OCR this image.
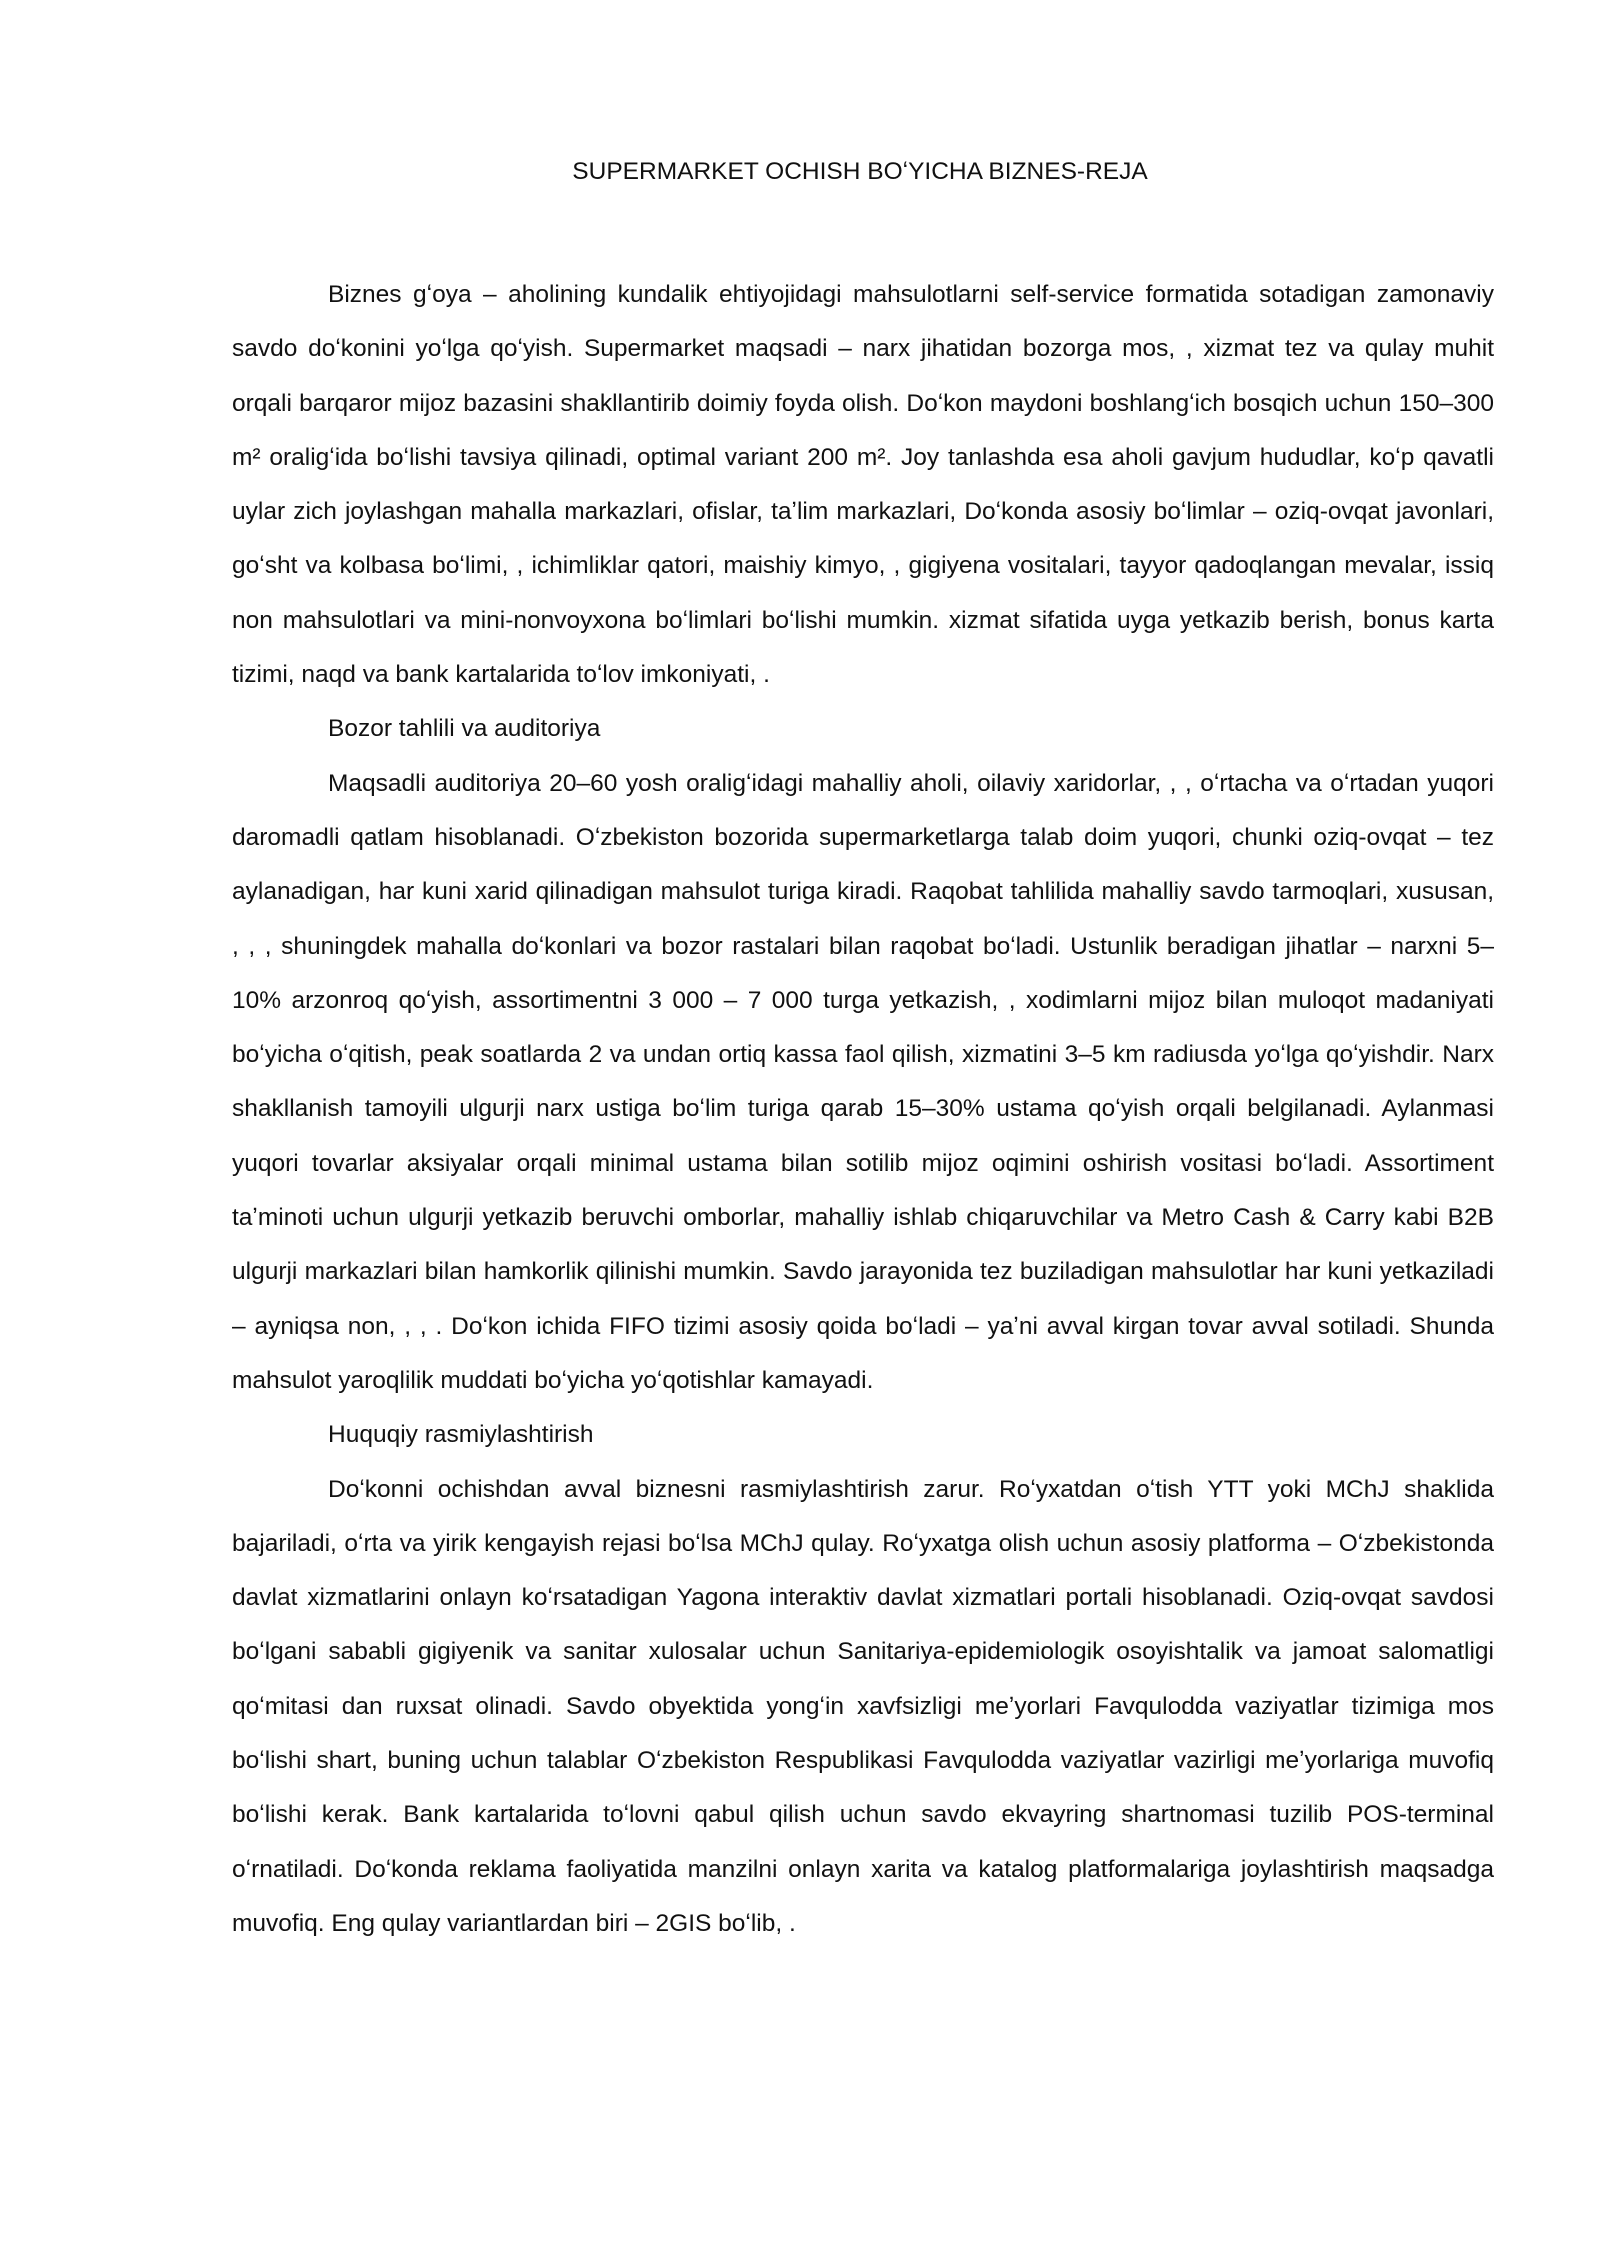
SUPERMARKET OCHISH BOʻYICHA BIZNES-REJA

Biznes gʻoya – aholining kundalik ehtiyojidagi mahsulotlarni self-service formatida sotadigan zamonaviy savdo doʻkonini yoʻlga qoʻyish. Supermarket maqsadi – narx jihatidan bozorga mos, , xizmat tez va qulay muhit orqali barqaror mijoz bazasini shakllantirib doimiy foyda olish. Doʻkon maydoni boshlangʻich bosqich uchun 150–300 m² oraligʻida boʻlishi tavsiya qilinadi, optimal variant 200 m². Joy tanlashda esa aholi gavjum hududlar, koʻp qavatli uylar zich joylashgan mahalla markazlari, ofislar, taʼlim markazlari, Doʻkonda asosiy boʻlimlar – oziq-ovqat javonlari, goʻsht va kolbasa boʻlimi, , ichimliklar qatori, maishiy kimyo, , gigiyena vositalari, tayyor qadoqlangan mevalar, issiq non mahsulotlari va mini-nonvoyxona boʻlimlari boʻlishi mumkin. xizmat sifatida uyga yetkazib berish, bonus karta tizimi, naqd va bank kartalarida toʻlov imkoniyati, .

Bozor tahlili va auditoriya

Maqsadli auditoriya 20–60 yosh oraligʻidagi mahalliy aholi, oilaviy xaridorlar, , , oʻrtacha va oʻrtadan yuqori daromadli qatlam hisoblanadi. Oʻzbekiston bozorida supermarketlarga talab doim yuqori, chunki oziq-ovqat – tez aylanadigan, har kuni xarid qilinadigan mahsulot turiga kiradi. Raqobat tahlilida mahalliy savdo tarmoqlari, xususan, , , , shuningdek mahalla doʻkonlari va bozor rastalari bilan raqobat boʻladi. Ustunlik beradigan jihatlar – narxni 5–10% arzonroq qoʻyish, assortimentni 3 000 – 7 000 turga yetkazish, , xodimlarni mijoz bilan muloqot madaniyati boʻyicha oʻqitish, peak soatlarda 2 va undan ortiq kassa faol qilish, xizmatini 3–5 km radiusda yoʻlga qoʻyishdir. Narx shakllanish tamoyili ulgurji narx ustiga boʻlim turiga qarab 15–30% ustama qoʻyish orqali belgilanadi. Aylanmasi yuqori tovarlar aksiyalar orqali minimal ustama bilan sotilib mijoz oqimini oshirish vositasi boʻladi. Assortiment taʼminoti uchun ulgurji yetkazib beruvchi omborlar, mahalliy ishlab chiqaruvchilar va Metro Cash & Carry kabi B2B ulgurji markazlari bilan hamkorlik qilinishi mumkin. Savdo jarayonida tez buziladigan mahsulotlar har kuni yetkaziladi – ayniqsa non, , , . Doʻkon ichida FIFO tizimi asosiy qoida boʻladi – yaʼni avval kirgan tovar avval sotiladi. Shunda mahsulot yaroqlilik muddati boʻyicha yoʻqotishlar kamayadi.

Huquqiy rasmiylashtirish

Doʻkonni ochishdan avval biznesni rasmiylashtirish zarur. Roʻyxatdan oʻtish YTT yoki MChJ shaklida bajariladi, oʻrta va yirik kengayish rejasi boʻlsa MChJ qulay. Roʻyxatga olish uchun asosiy platforma – Oʻzbekistonda davlat xizmatlarini onlayn koʻrsatadigan Yagona interaktiv davlat xizmatlari portali hisoblanadi. Oziq-ovqat savdosi boʻlgani sababli gigiyenik va sanitar xulosalar uchun Sanitariya-epidemiologik osoyishtalik va jamoat salomatligi qoʻmitasi dan ruxsat olinadi. Savdo obyektida yongʻin xavfsizligi meʼyorlari Favqulodda vaziyatlar tizimiga mos boʻlishi shart, buning uchun talablar Oʻzbekiston Respublikasi Favqulodda vaziyatlar vazirligi meʼyorlariga muvofiq boʻlishi kerak. Bank kartalarida toʻlovni qabul qilish uchun savdo ekvayring shartnomasi tuzilib POS-terminal oʻrnatiladi. Doʻkonda reklama faoliyatida manzilni onlayn xarita va katalog platformalariga joylashtirish maqsadga muvofiq. Eng qulay variantlardan biri – 2GIS boʻlib, .
